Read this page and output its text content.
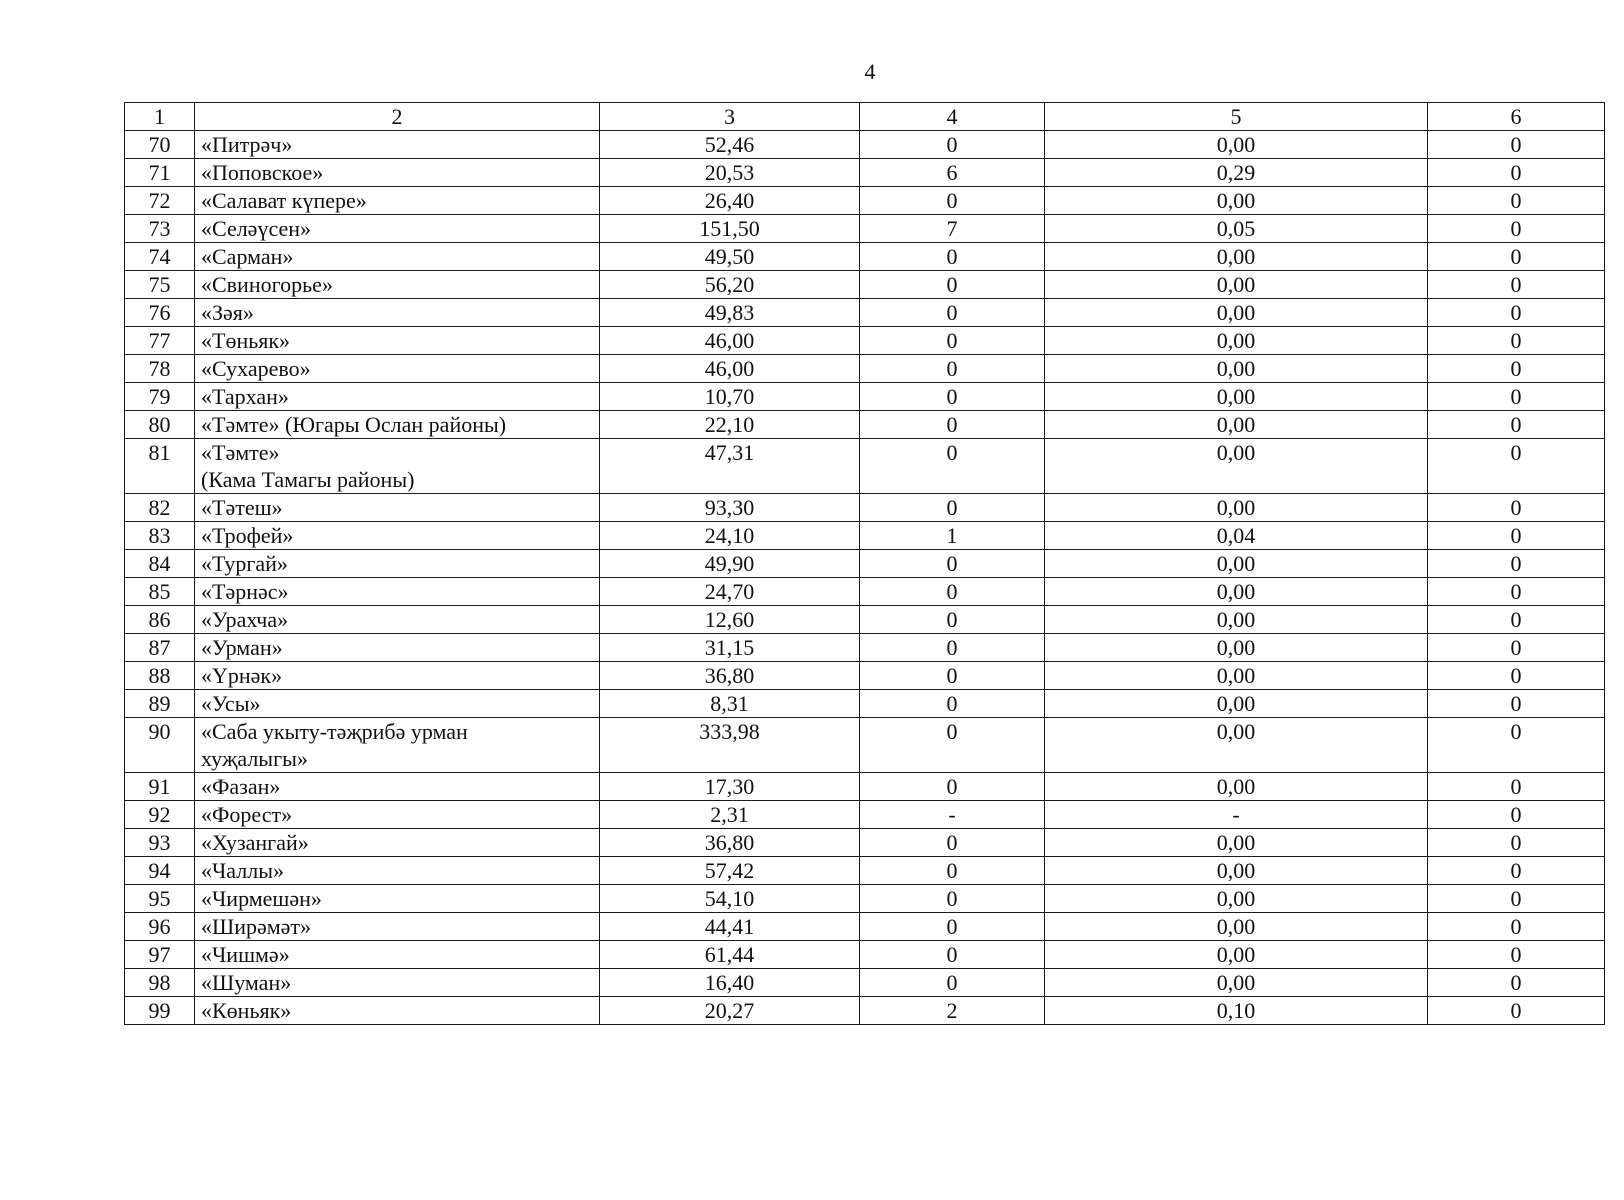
4
1	2	3	4	5	6
70	«Питрәч»	52,46	0	0,00	0
71	«Поповское»	20,53	6	0,29	0
72	«Салават күпере»	26,40	0	0,00	0
73	«Селәүсен»	151,50	7	0,05	0
74	«Сарман»	49,50	0	0,00	0
75	«Свиногорье»	56,20	0	0,00	0
76	«Зәя»	49,83	0	0,00	0
77	«Төньяк»	46,00	0	0,00	0
78	«Сухарево»	46,00	0	0,00	0
79	«Тархан»	10,70	0	0,00	0
80	«Тәмте» (Югары Ослан районы)	22,10	0	0,00	0
81	«Тәмте»
(Кама Тамагы районы)	47,31	0	0,00	0
82	«Тәтеш»	93,30	0	0,00	0
83	«Трофей»	24,10	1	0,04	0
84	«Тургай»	49,90	0	0,00	0
85	«Тәрнәс»	24,70	0	0,00	0
86	«Урахча»	12,60	0	0,00	0
87	«Урман»	31,15	0	0,00	0
88	«Үрнәк»	36,80	0	0,00	0
89	«Усы»	8,31	0	0,00	0
90	«Саба укыту-тәҗрибә урман
хуҗалыгы»	333,98	0	0,00	0
91	«Фазан»	17,30	0	0,00	0
92	«Форест»	2,31	-	-	0
93	«Хузангай»	36,80	0	0,00	0
94	«Чаллы»	57,42	0	0,00	0
95	«Чирмешән»	54,10	0	0,00	0
96	«Ширәмәт»	44,41	0	0,00	0
97	«Чишмә»	61,44	0	0,00	0
98	«Шуман»	16,40	0	0,00	0
99	«Көньяк»	20,27	2	0,10	0
